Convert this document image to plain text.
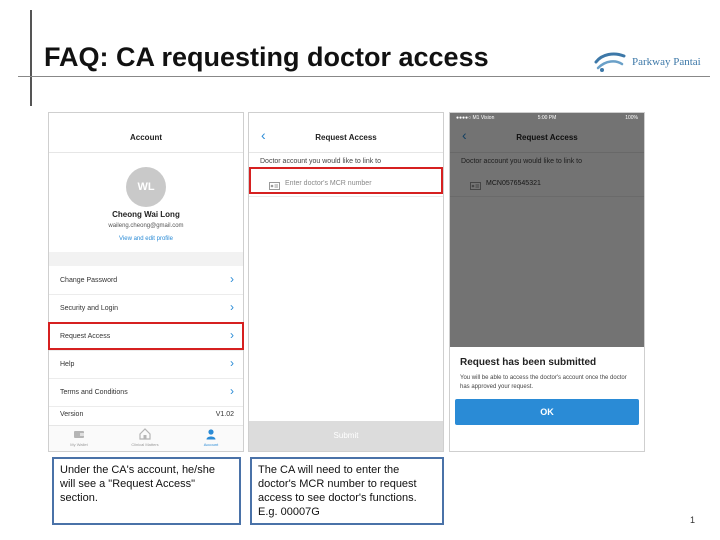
FAQ: CA requesting doctor access	Parkway Pantai
Account
WL
Cheong Wai Long
waileng.cheong@gmail.com
View and edit profile
Change Password	›
Security and Login	›
Request Access	›
Help	›
Terms and Conditions	›
Version	V1.02
My Wallet	Clinical Matters	Account
‹	Request Access
Doctor account you would like to link to
Enter doctor's MCR number
Submit
●●●●○ M1 Vision	5:00 PM	100%
Request has been submitted
You will be able to access the doctor's account once the doctor has approved your request.
OK
Under the CA's account, he/she will see a "Request Access" section.
The CA will need to enter the doctor's MCR number to request access to see doctor's functions. E.g. 00007G
1
